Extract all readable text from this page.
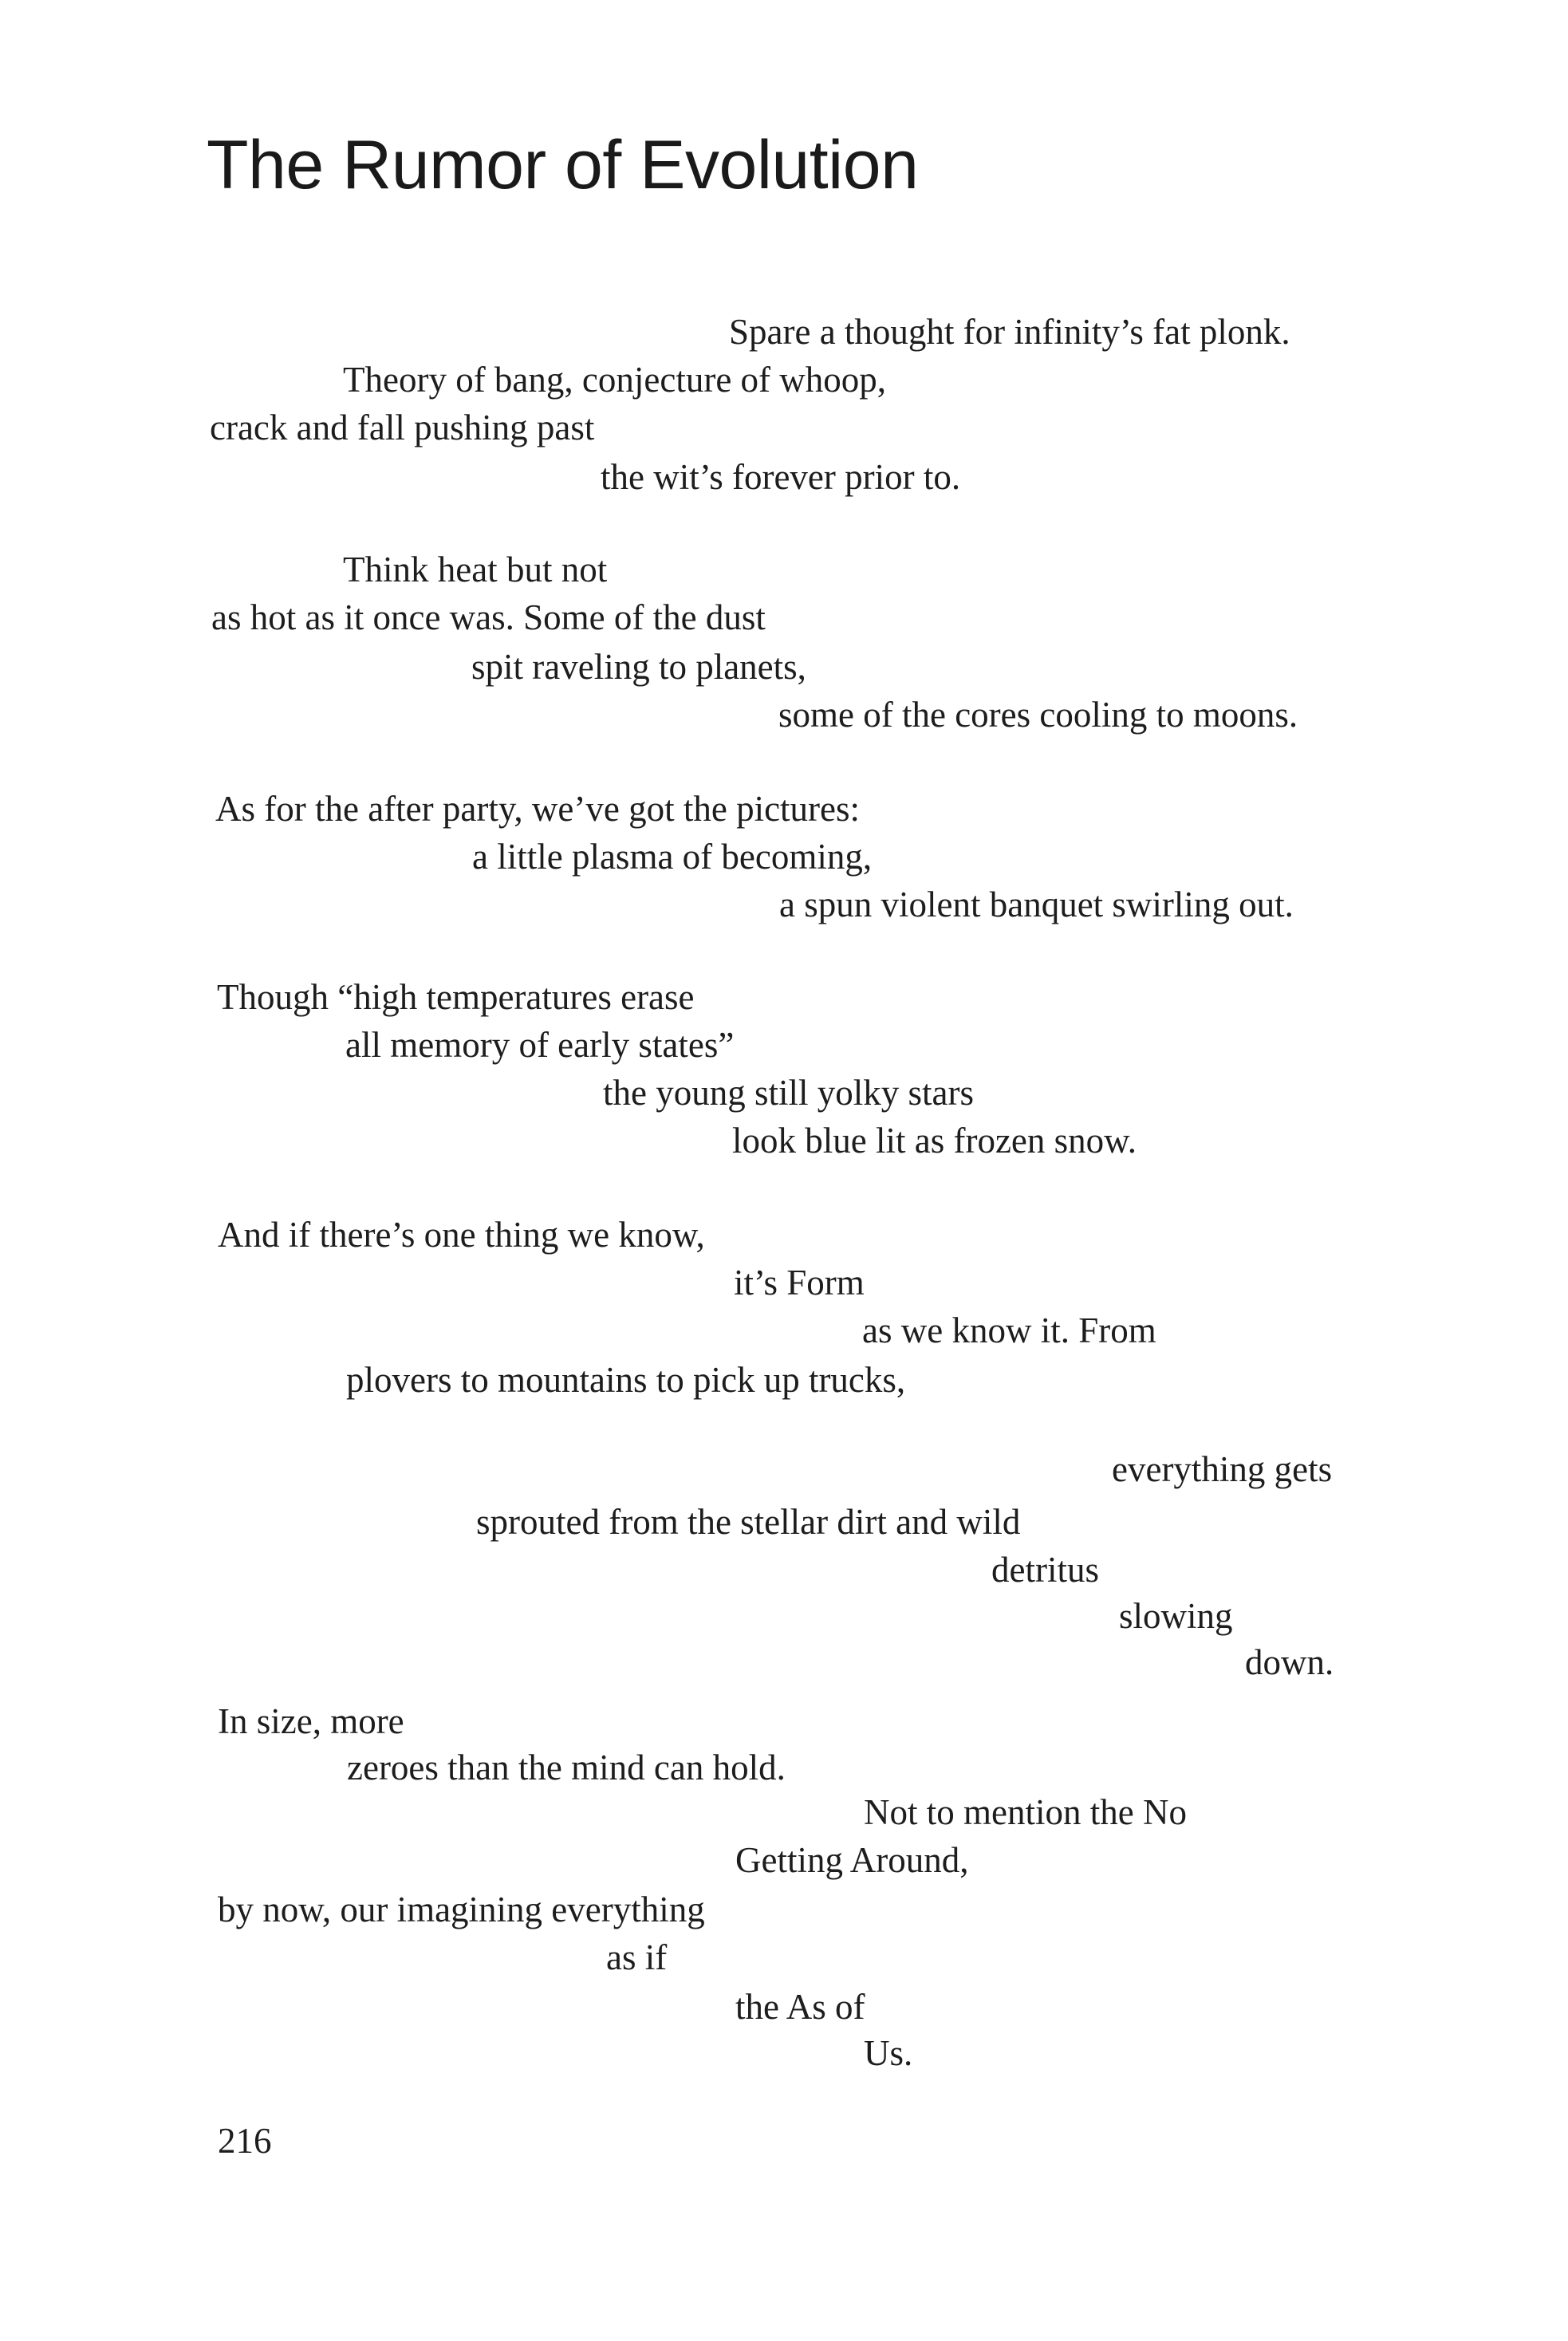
The Rumor of Evolution
Spare a thought for infinity’s fat plonk.
Theory of bang, conjecture of whoop,
crack and fall pushing past
the wit’s forever prior to.
Think heat but not
as hot as it once was. Some of the dust
spit raveling to planets,
some of the cores cooling to moons.
As for the after party, we’ve got the pictures:
a little plasma of becoming,
a spun violent banquet swirling out.
Though “high temperatures erase
all memory of early states”
the young still yolky stars
look blue lit as frozen snow.
And if there’s one thing we know,
it’s Form
as we know it. From
plovers to mountains to pick up trucks,
everything gets
sprouted from the stellar dirt and wild
detritus
slowing
down.
In size, more
zeroes than the mind can hold.
Not to mention the No
Getting Around,
by now, our imagining everything
as if
the As of
Us.
216
